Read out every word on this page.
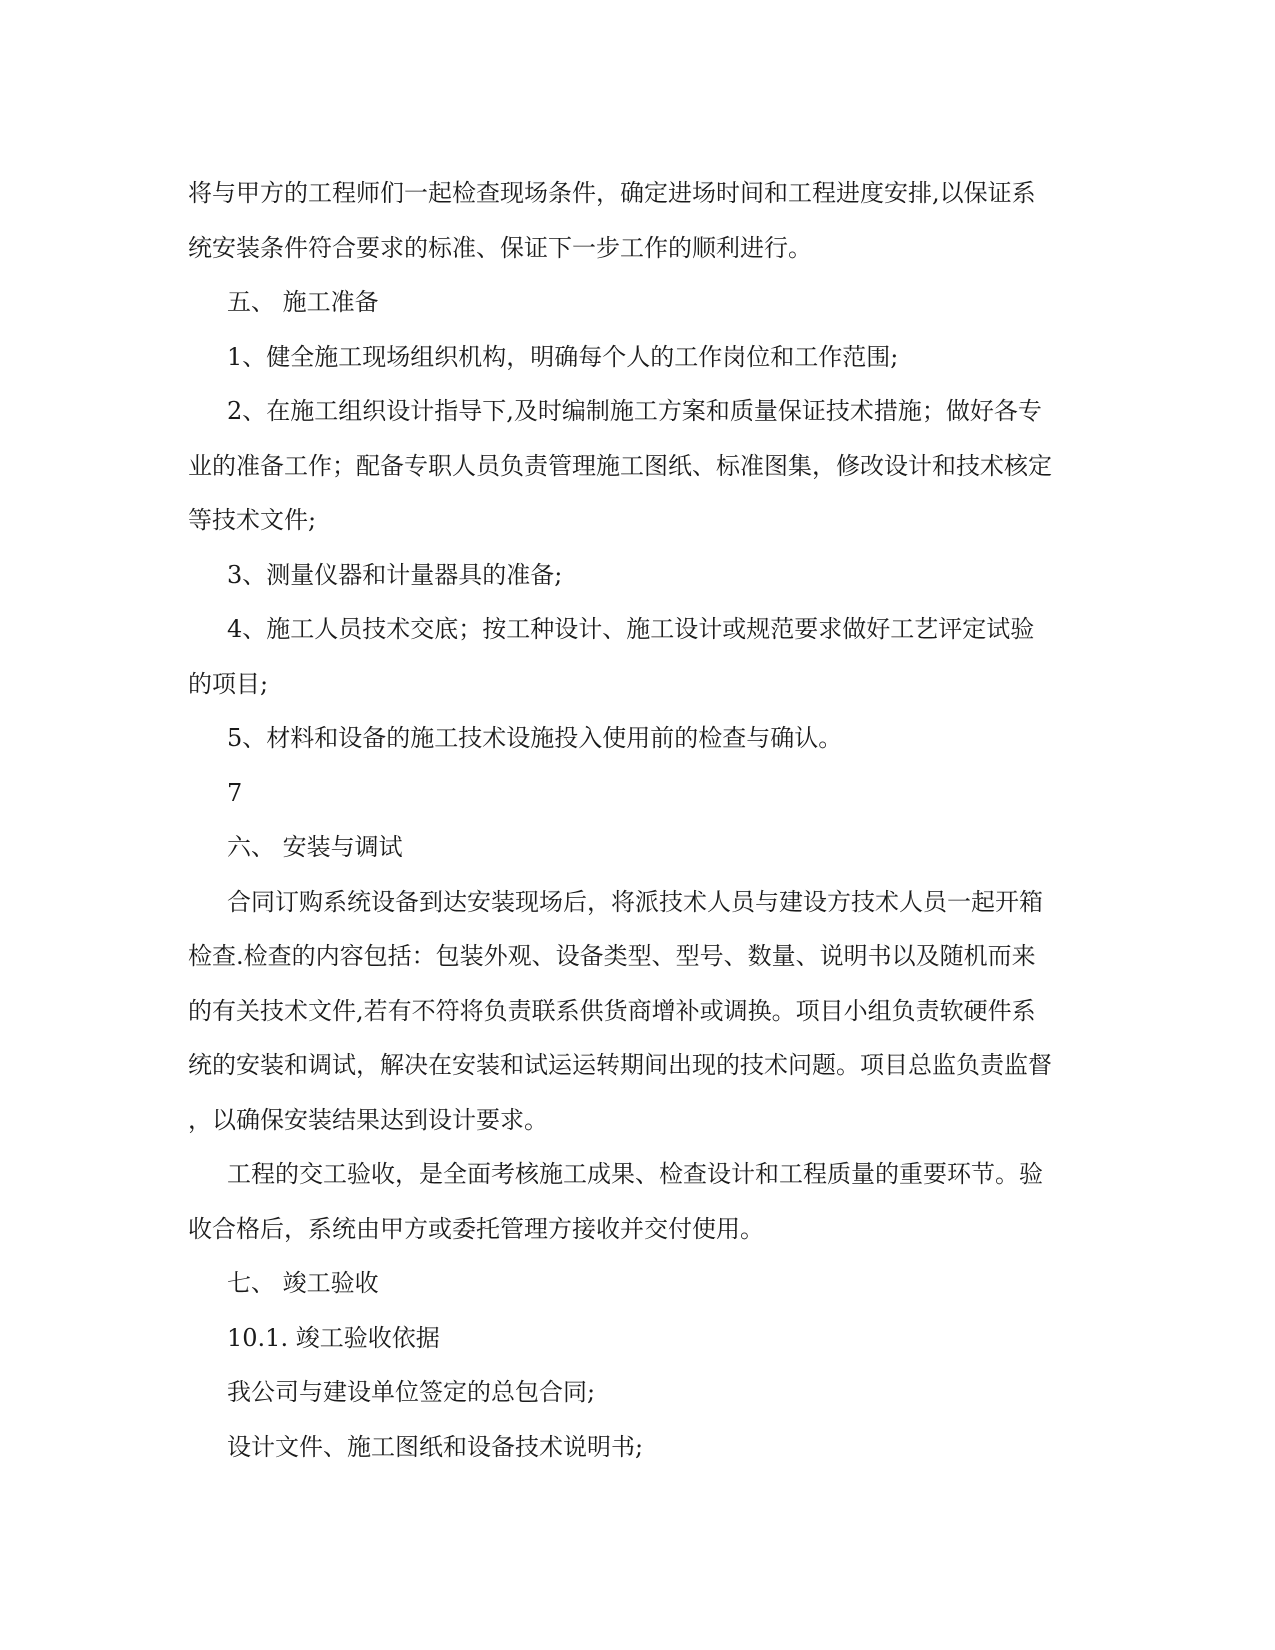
将与甲方的工程师们一起检查现场条件，确定进场时间和工程进度安排,以保证系

统安装条件符合要求的标准、保证下一步工作的顺利进行。

五、 施工准备

1、健全施工现场组织机构，明确每个人的工作岗位和工作范围;

2、在施工组织设计指导下,及时编制施工方案和质量保证技术措施；做好各专

业的准备工作；配备专职人员负责管理施工图纸、标准图集，修改设计和技术核定

等技术文件;

3、测量仪器和计量器具的准备;

4、施工人员技术交底；按工种设计、施工设计或规范要求做好工艺评定试验

的项目;

5、材料和设备的施工技术设施投入使用前的检查与确认。

7

六、 安装与调试

合同订购系统设备到达安装现场后，将派技术人员与建设方技术人员一起开箱

检查.检查的内容包括：包装外观、设备类型、型号、数量、说明书以及随机而来

的有关技术文件,若有不符将负责联系供货商增补或调换。项目小组负责软硬件系

统的安装和调试，解决在安装和试运运转期间出现的技术问题。项目总监负责监督

，以确保安装结果达到设计要求。

工程的交工验收，是全面考核施工成果、检查设计和工程质量的重要环节。验

收合格后，系统由甲方或委托管理方接收并交付使用。

七、 竣工验收

10.1. 竣工验收依据

我公司与建设单位签定的总包合同;

设计文件、施工图纸和设备技术说明书;
